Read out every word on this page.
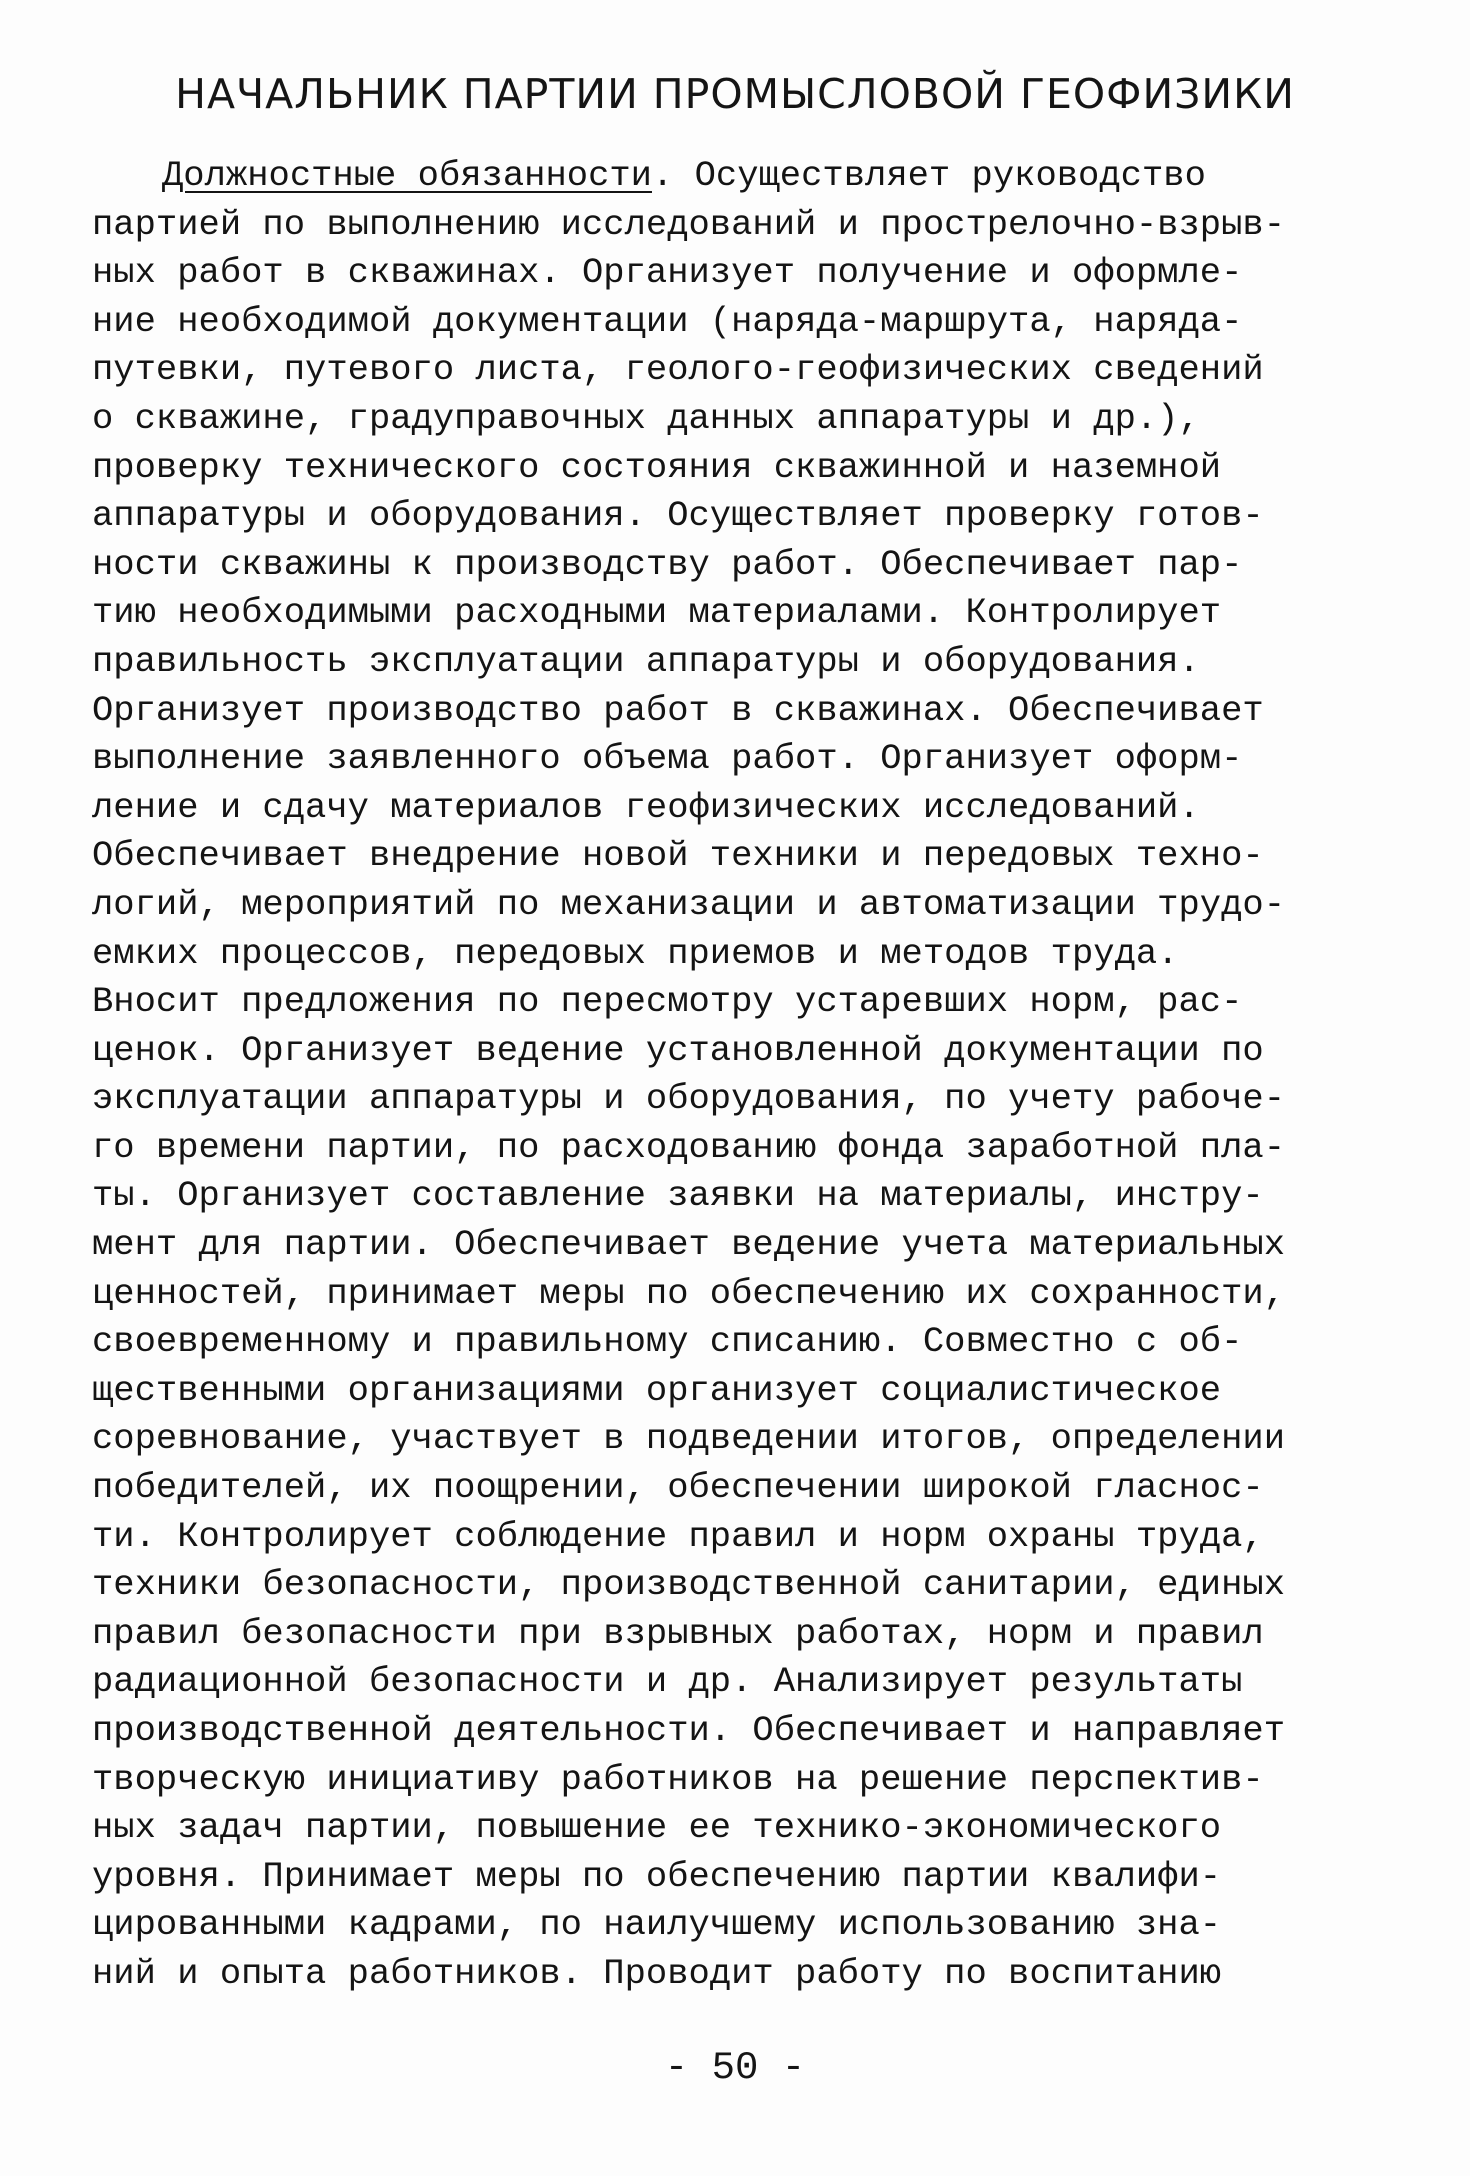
НАЧАЛЬНИК ПАРТИИ ПРОМЫСЛОВОЙ ГЕОФИЗИКИ
Должностные обязанности. Осуществляет руководство
партией по выполнению исследований и прострелочно-взрыв-
ных работ в скважинах. Организует получение и оформле-
ние необходимой документации (наряда-маршрута, наряда-
путевки, путевого листа, геолого-геофизических сведений
о скважине, градуправочных данных аппаратуры и др.),
проверку технического состояния скважинной и наземной
аппаратуры и оборудования. Осуществляет проверку готов-
ности скважины к производству работ. Обеспечивает пар-
тию необходимыми расходными материалами. Контролирует
правильность эксплуатации аппаратуры и оборудования.
Организует производство работ в скважинах. Обеспечивает
выполнение заявленного объема работ. Организует оформ-
ление и сдачу материалов геофизических исследований.
Обеспечивает внедрение новой техники и передовых техно-
логий, мероприятий по механизации и автоматизации трудо-
емких процессов, передовых приемов и методов труда.
Вносит предложения по пересмотру устаревших норм, рас-
ценок. Организует ведение установленной документации по
эксплуатации аппаратуры и оборудования, по учету рабоче-
го времени партии, по расходованию фонда заработной пла-
ты. Организует составление заявки на материалы, инстру-
мент для партии. Обеспечивает ведение учета материальных
ценностей, принимает меры по обеспечению их сохранности,
своевременному и правильному списанию. Совместно с об-
щественными организациями организует социалистическое
соревнование, участвует в подведении итогов, определении
победителей, их поощрении, обеспечении широкой гласнос-
ти. Контролирует соблюдение правил и норм охраны труда,
техники безопасности, производственной санитарии, единых
правил безопасности при взрывных работах, норм и правил
радиационной безопасности и др. Анализирует результаты
производственной деятельности. Обеспечивает и направляет
творческую инициативу работников на решение перспектив-
ных задач партии, повышение ее технико-экономического
уровня. Принимает меры по обеспечению партии квалифи-
цированными кадрами, по наилучшему использованию зна-
ний и опыта работников. Проводит работу по воспитанию
- 50 -
